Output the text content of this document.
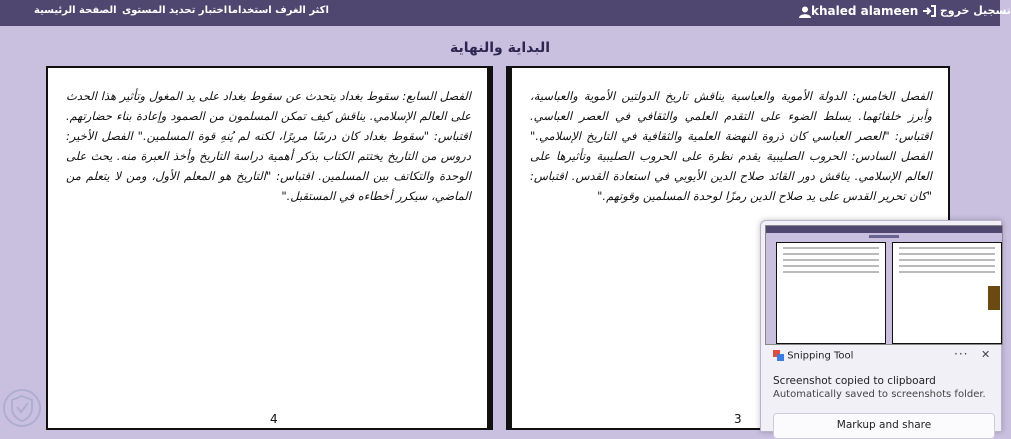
الصفحة الرئيسية اختبار تحديد المستوى اكثر الغرف استخداما	khaled alameen	تسجيل خروج
البداية والنهاية
الفصل السابع: سقوط بغداد يتحدث عن سقوط بغداد على يد المغول وتأثير هذا الحدث على العالم الإسلامي. يناقش كيف تمكن المسلمون من الصمود وإعادة بناء حضارتهم. اقتباس: "سقوط بغداد كان درسًا مريرًا، لكنه لم يُنهِ قوة المسلمين." الفصل الأخير: دروس من التاريخ يختتم الكتاب بذكر أهمية دراسة التاريخ وأخذ العبرة منه. يحث على الوحدة والتكاتف بين المسلمين. اقتباس: "التاريخ هو المعلم الأول، ومن لا يتعلم من الماضي، سيكرر أخطاءه في المستقبل."
4
الفصل الخامس: الدولة الأموية والعباسية يناقش تاريخ الدولتين الأموية والعباسية، وأبرز خلفائهما. يسلط الضوء على التقدم العلمي والثقافي في العصر العباسي. اقتباس: "العصر العباسي كان ذروة النهضة العلمية والثقافية في التاريخ الإسلامي." الفصل السادس: الحروب الصليبية يقدم نظرة على الحروب الصليبية وتأثيرها على العالم الإسلامي. يناقش دور القائد صلاح الدين الأيوبي في استعادة القدس. اقتباس: "كان تحرير القدس على يد صلاح الدين رمزًا لوحدة المسلمين وقوتهم."
3
Snipping Tool	··· ✕
Screenshot copied to clipboard
Automatically saved to screenshots folder.
Markup and share
